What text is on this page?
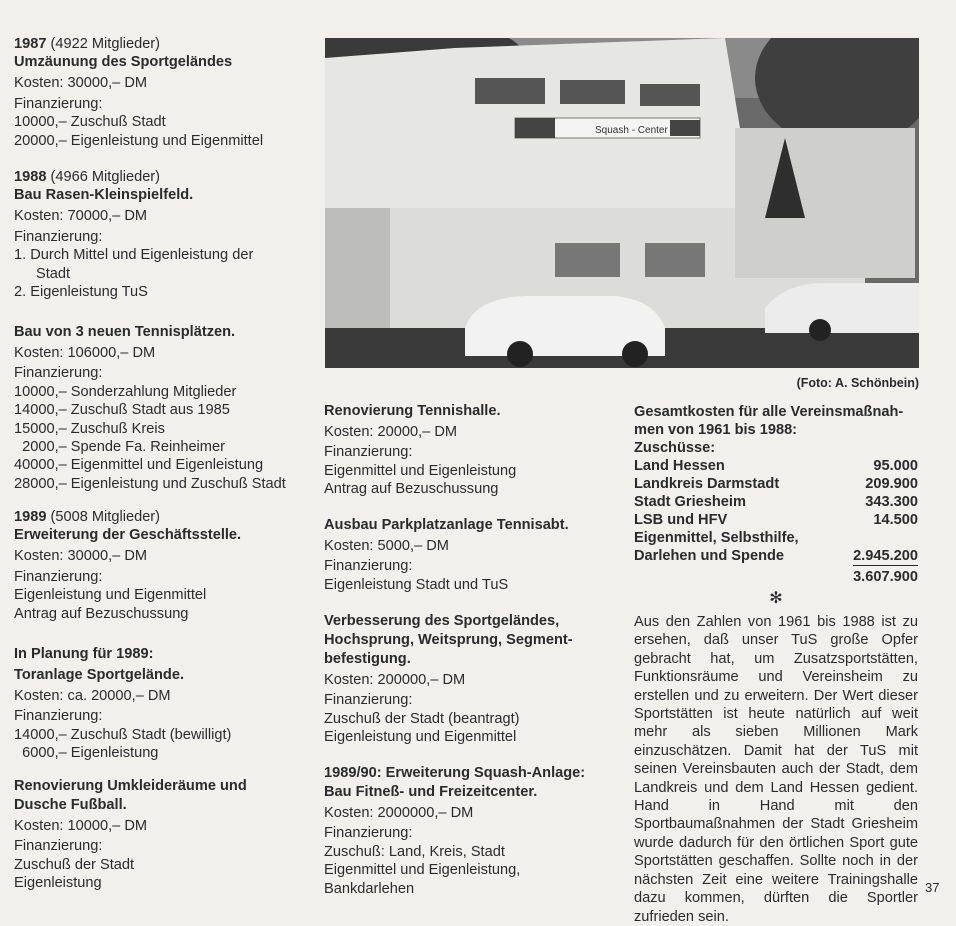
1987 (4922 Mitglieder)
Umzäunung des Sportgeländes
Kosten: 30000,– DM
Finanzierung:
10000,– Zuschuß Stadt
20000,– Eigenleistung und Eigenmittel
1988 (4966 Mitglieder)
Bau Rasen-Kleinspielfeld.
Kosten: 70000,– DM
Finanzierung:
1. Durch Mittel und Eigenleistung der
Stadt
2. Eigenleistung TuS
Bau von 3 neuen Tennisplätzen.
Kosten: 106000,– DM
Finanzierung:
10000,– Sonderzahlung Mitglieder
14000,– Zuschuß Stadt aus 1985
15000,– Zuschuß Kreis
2000,– Spende Fa. Reinheimer
40000,– Eigenmittel und Eigenleistung
28000,– Eigenleistung und Zuschuß Stadt
1989 (5008 Mitglieder)
Erweiterung der Geschäftsstelle.
Kosten: 30000,– DM
Finanzierung:
Eigenleistung und Eigenmittel
Antrag auf Bezuschussung
In Planung für 1989:
Toranlage Sportgelände.
Kosten: ca. 20000,– DM
Finanzierung:
14000,– Zuschuß Stadt (bewilligt)
6000,– Eigenleistung
Renovierung Umkleideräume und
Dusche Fußball.
Kosten: 10000,– DM
Finanzierung:
Zuschuß der Stadt
Eigenleistung
Squash - Center
(Foto: A. Schönbein)
Renovierung Tennishalle.
Kosten: 20000,– DM
Finanzierung:
Eigenmittel und Eigenleistung
Antrag auf Bezuschussung
Ausbau Parkplatzanlage Tennisabt.
Kosten: 5000,– DM
Finanzierung:
Eigenleistung Stadt und TuS
Verbesserung des Sportgeländes,
Hochsprung, Weitsprung, Segment-
befestigung.
Kosten: 200000,– DM
Finanzierung:
Zuschuß der Stadt (beantragt)
Eigenleistung und Eigenmittel
1989/90: Erweiterung Squash-Anlage:
Bau Fitneß- und Freizeitcenter.
Kosten: 2000000,– DM
Finanzierung:
Zuschuß: Land, Kreis, Stadt
Eigenmittel und Eigenleistung,
Bankdarlehen
Gesamtkosten für alle Vereinsmaßnah-
men von 1961 bis 1988:
Zuschüsse:
Land Hessen	95.000
Landkreis Darmstadt	209.900
Stadt Griesheim	343.300
LSB und HFV	14.500
Eigenmittel, Selbsthilfe,
Darlehen und Spende	2.945.200
3.607.900
✻
Aus den Zahlen von 1961 bis 1988 ist zu ersehen, daß unser TuS große Opfer gebracht hat, um Zusatzsportstätten, Funktionsräume und Vereinsheim zu erstellen und zu erweitern. Der Wert dieser Sportstätten ist heute natürlich auf weit mehr als sieben Millionen Mark einzuschätzen. Damit hat der TuS mit seinen Vereinsbauten auch der Stadt, dem Landkreis und dem Land Hessen gedient. Hand in Hand mit den Sportbaumaßnahmen der Stadt Griesheim wurde dadurch für den örtlichen Sport gute Sportstätten geschaffen. Sollte noch in der nächsten Zeit eine weitere Trainingshalle dazu kommen, dürften die Sportler zufrieden sein.
37
